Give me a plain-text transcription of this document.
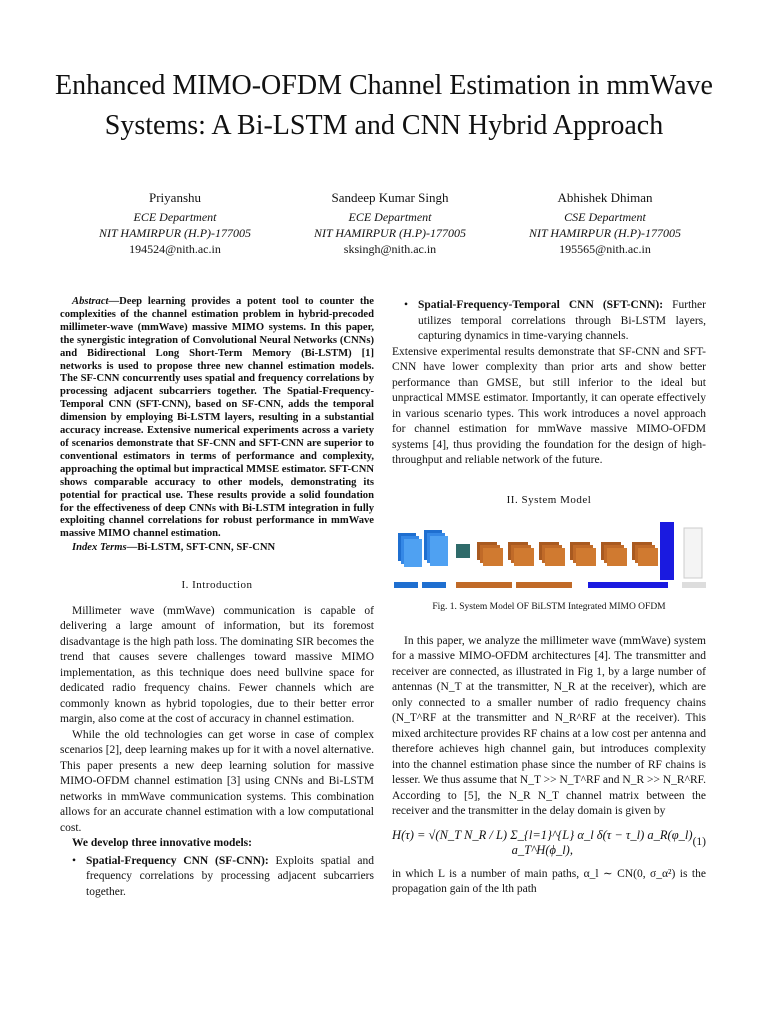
Enhanced MIMO-OFDM Channel Estimation in mmWave Systems: A Bi-LSTM and CNN Hybrid Approach
Priyanshu
ECE Department
NIT HAMIRPUR (H.P)-177005
194524@nith.ac.in
Sandeep Kumar Singh
ECE Department
NIT HAMIRPUR (H.P)-177005
sksingh@nith.ac.in
Abhishek Dhiman
CSE Department
NIT HAMIRPUR (H.P)-177005
195565@nith.ac.in

Abstract—Deep learning provides a potent tool to counter the complexities of the channel estimation problem in hybrid-precoded millimeter-wave (mmWave) massive MIMO systems. In this paper, the synergistic integration of Convolutional Neural Networks (CNNs) and Bidirectional Long Short-Term Memory (Bi-LSTM) [1] networks is used to propose three new channel estimation models. The SF-CNN concurrently uses spatial and frequency correlations by processing adjacent subcarriers together. The Spatial-Frequency-Temporal CNN (SFT-CNN), based on SF-CNN, adds the temporal dimension by employing Bi-LSTM layers, resulting in a substantial accuracy increase. Extensive numerical experiments across a variety of scenarios demonstrate that SF-CNN and SFT-CNN are superior to conventional estimators in terms of performance and complexity, approaching the optimal but impractical MMSE estimator. SFT-CNN shows comparable accuracy to other models, demonstrating its potential for practical use. These results provide a solid foundation for the effectiveness of deep CNNs with Bi-LSTM integration in fully exploiting channel correlations for robust performance in mmWave massive MIMO channel estimation.

Index Terms—Bi-LSTM, SFT-CNN, SF-CNN

I. Introduction

Millimeter wave (mmWave) communication is capable of delivering a large amount of information, but its foremost disadvantage is the high path loss. The dominating SIR becomes the trend that causes severe challenges toward massive MIMO implementation, as this technique does need bullvine space for dedicated radio frequency chains. Fewer channels which are commonly known as hybrid topologies, due to their better error margin, also come at the cost of accuracy in channel estimation.

While the old technologies can get worse in case of complex scenarios [2], deep learning makes up for it with a novel alternative. This paper presents a new deep learning solution for massive MIMO-OFDM channel estimation [3] using CNNs and Bi-LSTM networks in mmWave communication systems. This combination allows for an accurate channel estimation with a low computational cost.

We develop three innovative models:

• Spatial-Frequency CNN (SF-CNN): Exploits spatial and frequency correlations by processing adjacent subcarriers together.
• Spatial-Frequency-Temporal CNN (SFT-CNN): Further utilizes temporal correlations through Bi-LSTM layers, capturing dynamics in time-varying channels.

Extensive experimental results demonstrate that SF-CNN and SFT-CNN have lower complexity than prior arts and show better performance than GMSE, but still inferior to the ideal but unpractical MMSE estimator. Importantly, it can operate effectively in various scenario types. This work introduces a novel approach for channel estimation for mmWave massive MIMO-OFDM systems [4], thus providing the foundation for the design of high-throughput and reliable network of the future.

II. System Model
Fig. 1. System Model OF BiLSTM Integrated MIMO OFDM

In this paper, we analyze the millimeter wave (mmWave) system for a massive MIMO-OFDM architectures [4]. The transmitter and receiver are connected, as illustrated in Fig 1, by a large number of antennas (N_T at the transmitter, N_R at the receiver), which are only connected to a smaller number of radio frequency chains (N_T^RF at the transmitter and N_R^RF at the receiver). This mixed architecture provides RF chains at a low cost per antenna and therefore achieves high channel gain, but introduces complexity into the channel estimation phase since the number of RF chains is lesser. We thus assume that N_T >> N_T^RF and N_R >> N_R^RF. According to [5], the N_R N_T channel matrix between the receiver and the transmitter in the delay domain is given by

H(τ) = √(N_T N_R / L) Σ_{l=1}^{L} α_l δ(τ − τ_l) a_R(φ_l) a_T^H(ϕ_l),
(1)

in which L is a number of main paths, α_l ∼ CN(0, σ_α²) is the propagation gain of the lth path
